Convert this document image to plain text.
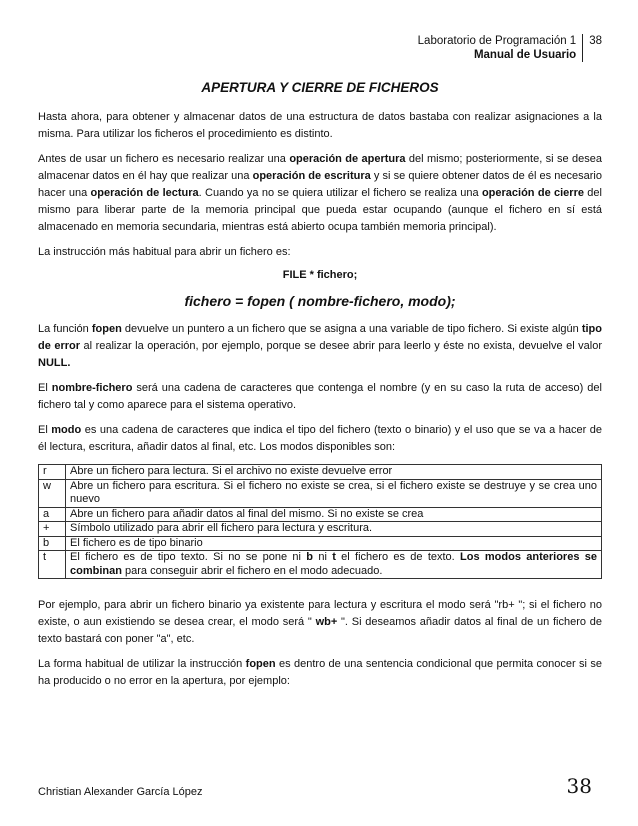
Laboratorio de Programación 1
Manual de Usuario
38
APERTURA Y CIERRE DE FICHEROS

Hasta ahora, para obtener y almacenar datos de una estructura de datos bastaba con realizar asignaciones a la misma. Para utilizar los ficheros el procedimiento es distinto.

Antes de usar un fichero es necesario realizar una operación de apertura del mismo; posteriormente, si se desea almacenar datos en él hay que realizar una operación de escritura y si se quiere obtener datos de él es necesario hacer una operación de lectura. Cuando ya no se quiera utilizar el fichero se realiza una operación de cierre del mismo para liberar parte de la memoria principal que pueda estar ocupando (aunque el fichero en sí está almacenado en memoria secundaria, mientras está abierto ocupa también memoria principal).

La instrucción más habitual para abrir un fichero es:

FILE * fichero;
fichero = fopen ( nombre-fichero, modo);

La función fopen devuelve un puntero a un fichero que se asigna a una variable de tipo fichero. Si existe algún tipo de error al realizar la operación, por ejemplo, porque se desee abrir para leerlo y éste no exista, devuelve el valor NULL.

El nombre-fichero será una cadena de caracteres que contenga el nombre (y en su caso la ruta de acceso) del fichero tal y como aparece para el sistema operativo.

El modo es una cadena de caracteres que indica el tipo del fichero (texto o binario) y el uso que se va a hacer de él lectura, escritura, añadir datos al final, etc. Los modos disponibles son:

r	Abre un fichero para lectura. Si el archivo no existe devuelve error
w	Abre un fichero para escritura. Si el fichero no existe se crea, si el fichero existe se destruye y se crea uno nuevo
a	Abre un fichero para añadir datos al final del mismo. Si no existe se crea
+	Símbolo utilizado para abrir ell fichero para lectura y escritura.
b	El fichero es de tipo binario
t	El fichero es de tipo texto. Si no se pone ni b ni t el fichero es de texto. Los modos anteriores se combinan para conseguir abrir el fichero en el modo adecuado.

Por ejemplo, para abrir un fichero binario ya existente para lectura y escritura el modo será "rb+ "; si el fichero no existe, o aun existiendo se desea crear, el modo será " wb+ ". Si deseamos añadir datos al final de un fichero de texto bastará con poner "a", etc.

La forma habitual de utilizar la instrucción fopen es dentro de una sentencia condicional que permita conocer si se ha producido o no error en la apertura, por ejemplo:

Christian Alexander García López	38
